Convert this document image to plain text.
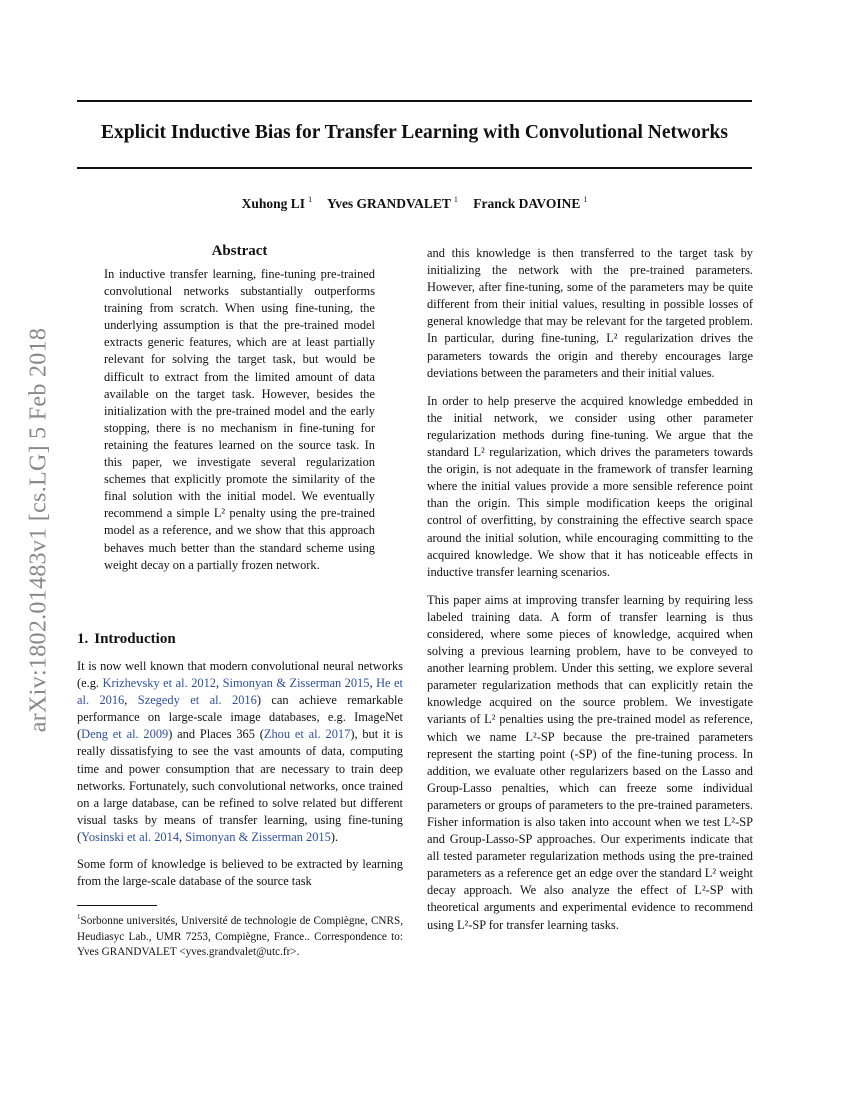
Explicit Inductive Bias for Transfer Learning with Convolutional Networks
Xuhong LI $^1$ Yves GRANDVALET $^1$ Franck DAVOINE $^1$
arXiv:1802.01483v1 [cs.LG] 5 Feb 2018
Abstract

In inductive transfer learning, fine-tuning pre-trained convolutional networks substantially outperforms training from scratch. When using fine-tuning, the underlying assumption is that the pre-trained model extracts generic features, which are at least partially relevant for solving the target task, but would be difficult to extract from the limited amount of data available on the target task. However, besides the initialization with the pre-trained model and the early stopping, there is no mechanism in fine-tuning for retaining the features learned on the source task. In this paper, we investigate several regularization schemes that explicitly promote the similarity of the final solution with the initial model. We eventually recommend a simple L² penalty using the pre-trained model as a reference, and we show that this approach behaves much better than the standard scheme using weight decay on a partially frozen network.

1. Introduction

It is now well known that modern convolutional neural networks (e.g. Krizhevsky et al. 2012, Simonyan & Zisserman 2015, He et al. 2016, Szegedy et al. 2016) can achieve remarkable performance on large-scale image databases, e.g. ImageNet (Deng et al. 2009) and Places 365 (Zhou et al. 2017), but it is really dissatisfying to see the vast amounts of data, computing time and power consumption that are necessary to train deep networks. Fortunately, such convolutional networks, once trained on a large database, can be refined to solve related but different visual tasks by means of transfer learning, using fine-tuning (Yosinski et al. 2014, Simonyan & Zisserman 2015).

Some form of knowledge is believed to be extracted by learning from the large-scale database of the source task

$^1$Sorbonne universités, Université de technologie de Compiègne, CNRS, Heudiasyc Lab., UMR 7253, Compiègne, France.. Correspondence to: Yves GRANDVALET <yves.grandvalet@utc.fr>.

and this knowledge is then transferred to the target task by initializing the network with the pre-trained parameters. However, after fine-tuning, some of the parameters may be quite different from their initial values, resulting in possible losses of general knowledge that may be relevant for the targeted problem. In particular, during fine-tuning, L² regularization drives the parameters towards the origin and thereby encourages large deviations between the parameters and their initial values.

In order to help preserve the acquired knowledge embedded in the initial network, we consider using other parameter regularization methods during fine-tuning. We argue that the standard L² regularization, which drives the parameters towards the origin, is not adequate in the framework of transfer learning where the initial values provide a more sensible reference point than the origin. This simple modification keeps the original control of overfitting, by constraining the effective search space around the initial solution, while encouraging committing to the acquired knowledge. We show that it has noticeable effects in inductive transfer learning scenarios.

This paper aims at improving transfer learning by requiring less labeled training data. A form of transfer learning is thus considered, where some pieces of knowledge, acquired when solving a previous learning problem, have to be conveyed to another learning problem. Under this setting, we explore several parameter regularization methods that can explicitly retain the knowledge acquired on the source problem. We investigate variants of L² penalties using the pre-trained model as reference, which we name L²-SP because the pre-trained parameters represent the starting point (-SP) of the fine-tuning process. In addition, we evaluate other regularizers based on the Lasso and Group-Lasso penalties, which can freeze some individual parameters or groups of parameters to the pre-trained parameters. Fisher information is also taken into account when we test L²-SP and Group-Lasso-SP approaches. Our experiments indicate that all tested parameter regularization methods using the pre-trained parameters as a reference get an edge over the standard L² weight decay approach. We also analyze the effect of L²-SP with theoretical arguments and experimental evidence to recommend using L²-SP for transfer learning tasks.
